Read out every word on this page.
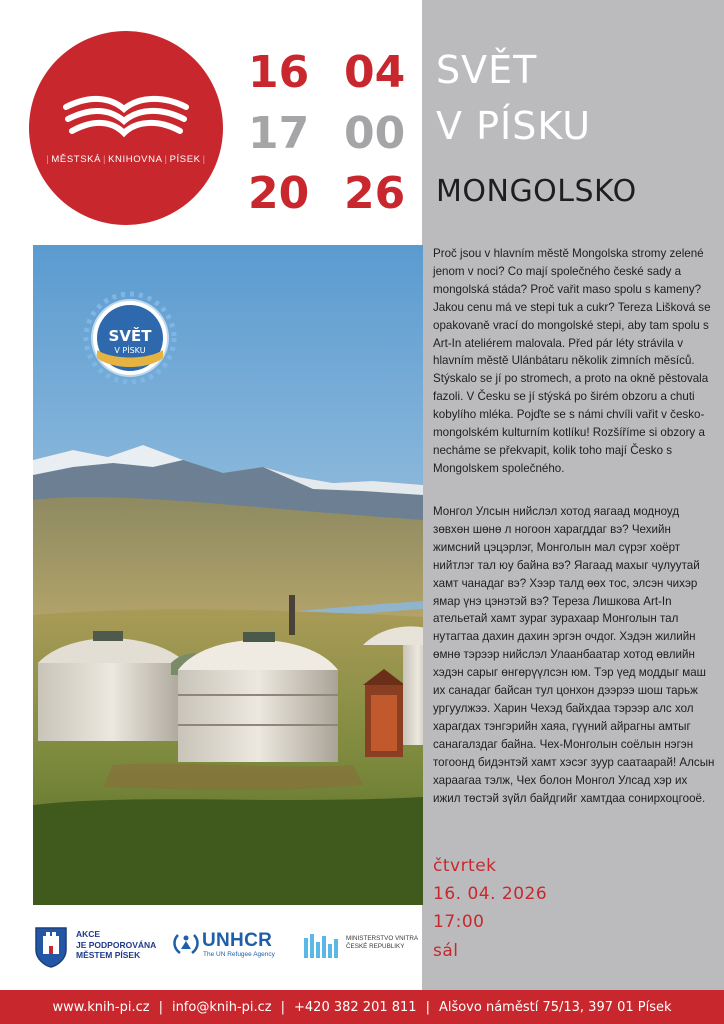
| MĚSTSKÁ | KNIHOVNA | PÍSEK |
16 04
17 00
20 26
SVĚT
V PÍSKU
MONGOLSKO
SVĚT
V PÍSKU
Proč jsou v hlavním městě Mongolska stromy zelené jenom v noci? Co mají společného české sady a mongolská stáda? Proč vařit maso spolu s kameny? Jakou cenu má ve stepi tuk a cukr? Tereza Lišková se opakovaně vrací do mongolské stepi, aby tam spolu s Art-In ateliérem malovala. Před pár léty strávila v hlavním městě Ulánbátaru několik zimních měsíců. Stýskalo se jí po stromech, a proto na okně pěstovala fazoli. V Česku se jí stýská po širém obzoru a chuti kobylího mléka. Pojďte se s námi chvíli vařit v česko-mongolském kulturním kotlíku! Rozšíříme si obzory a necháme se překvapit, kolik toho mají Česko s Mongolskem společného.
Монгол Улсын нийслэл хотод яагаад модноуд зөвхөн шөнө л ногоон харагддаг вэ? Чехийн жимсний цэцэрлэг, Монголын мал сүрэг хоёрт нийтлэг тал юу байна вэ? Яагаад махыг чулуутай хамт чанадаг вэ? Хээр талд өөх тос, элсэн чихэр ямар үнэ цэнэтэй вэ? Тереза Лишкова Art-In ательетай хамт зураг зурахаар Монголын тал нутагтаа дахин дахин эргэн очдог. Хэдэн жилийн өмнө тэрээр нийслэл Улаанбаатар хотод өвлийн хэдэн сарыг өнгөрүүлсэн юм. Тэр үед моддыг маш их санадаг байсан тул цонхон дээрээ шош тарьж ургуулжээ. Харин Чехэд байхдаа тэрээр алс хол харагдах тэнгэрийн хаяа, гүүний айрагны амтыг санагалздаг байна. Чех-Монголын соёлын нэгэн тогоонд бидэнтэй хамт хэсэг зуур саатаарай! Алсын хараагаа тэлж, Чех болон Монгол Улсад хэр их ижил төстэй зүйл байдгийг хамтдаа сонирхоцгооё.
čtvrtek
16. 04. 2026
17:00
sál
AKCE
JE PODPOROVÁNA
MĚSTEM PÍSEK
UNHCR
The UN Refugee Agency
MINISTERSTVO VNITRA
ČESKÉ REPUBLIKY
www.knih-pi.cz | info@knih-pi.cz | +420 382 201 811 | Alšovo náměstí 75/13, 397 01 Písek
